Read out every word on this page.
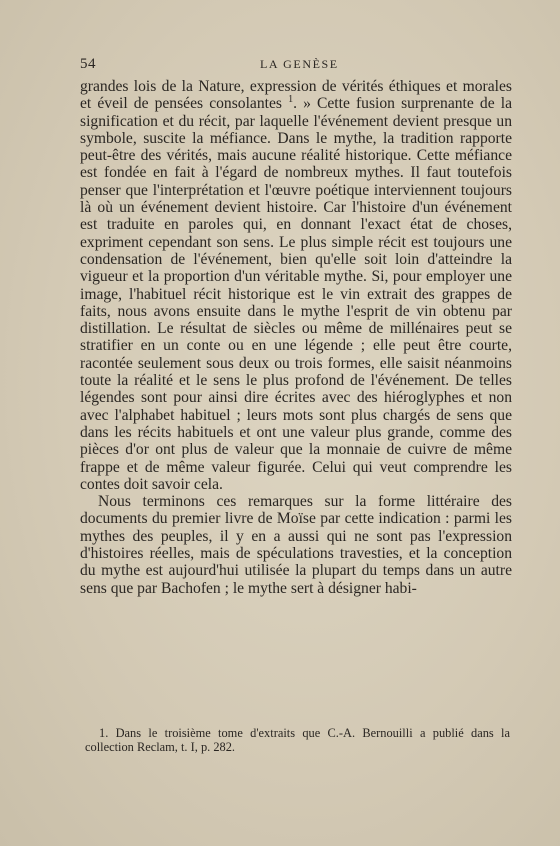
54	LA GENÈSE

grandes lois de la Nature, expression de vérités éthiques et morales et éveil de pensées consolantes $^1$. » Cette fusion surprenante de la signification et du récit, par laquelle l'événement devient presque un symbole, suscite la méfiance. Dans le mythe, la tradition rapporte peut-être des vérités, mais aucune réalité historique. Cette méfiance est fondée en fait à l'égard de nombreux mythes. Il faut toutefois penser que l'interprétation et l'œuvre poétique interviennent toujours là où un événement devient histoire. Car l'histoire d'un événement est traduite en paroles qui, en donnant l'exact état de choses, expriment cependant son sens. Le plus simple récit est toujours une condensation de l'événement, bien qu'elle soit loin d'atteindre la vigueur et la proportion d'un véritable mythe. Si, pour employer une image, l'habituel récit historique est le vin extrait des grappes de faits, nous avons ensuite dans le mythe l'esprit de vin obtenu par distillation. Le résultat de siècles ou même de millénaires peut se stratifier en un conte ou en une légende ; elle peut être courte, racontée seulement sous deux ou trois formes, elle saisit néanmoins toute la réalité et le sens le plus profond de l'événement. De telles légendes sont pour ainsi dire écrites avec des hiéroglyphes et non avec l'alphabet habituel ; leurs mots sont plus chargés de sens que dans les récits habituels et ont une valeur plus grande, comme des pièces d'or ont plus de valeur que la monnaie de cuivre de même frappe et de même valeur figurée. Celui qui veut comprendre les contes doit savoir cela.

Nous terminons ces remarques sur la forme littéraire des documents du premier livre de Moïse par cette indication : parmi les mythes des peuples, il y en a aussi qui ne sont pas l'expression d'histoires réelles, mais de spéculations travesties, et la conception du mythe est aujourd'hui utilisée la plupart du temps dans un autre sens que par Bachofen ; le mythe sert à désigner habi-

1. Dans le troisième tome d'extraits que C.-A. Bernouilli a publié dans la collection Reclam, t. I, p. 282.
